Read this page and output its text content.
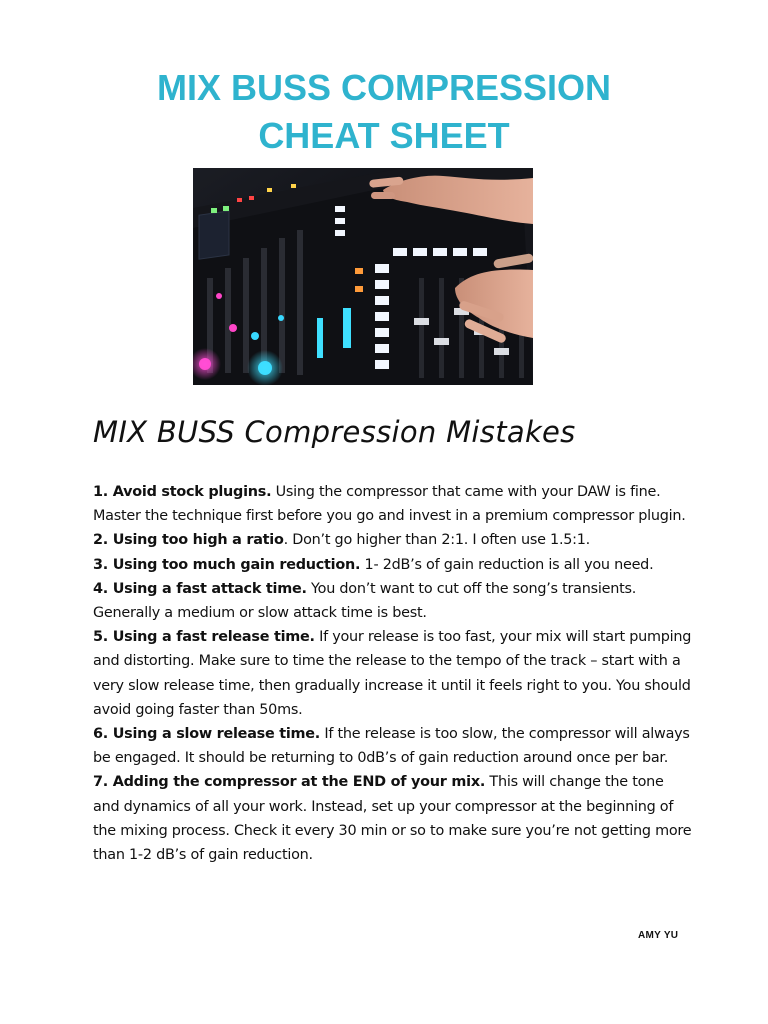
MIX BUSS COMPRESSION
CHEAT SHEET
MIX BUSS Compression Mistakes
1. Avoid stock plugins. Using the compressor that came with your DAW is fine. Master the technique first before you go and invest in a premium compressor plugin.
2. Using too high a ratio. Don’t go higher than 2:1. I often use 1.5:1.
3. Using too much gain reduction. 1- 2dB’s of gain reduction is all you need.
4. Using a fast attack time. You don’t want to cut off the song’s transients. Generally a medium or slow attack time is best.
5. Using a fast release time. If your release is too fast, your mix will start pumping and distorting. Make sure to time the release to the tempo of the track – start with a very slow release time, then gradually increase it until it feels right to you. You should avoid going faster than 50ms.
6. Using a slow release time. If the release is too slow, the compressor will always be engaged. It should be returning to 0dB’s of gain reduction around once per bar.
7. Adding the compressor at the END of your mix. This will change the tone and dynamics of all your work. Instead, set up your compressor at the beginning of the mixing process. Check it every 30 min or so to make sure you’re not getting more than 1-2 dB’s of gain reduction.
AMY YU
